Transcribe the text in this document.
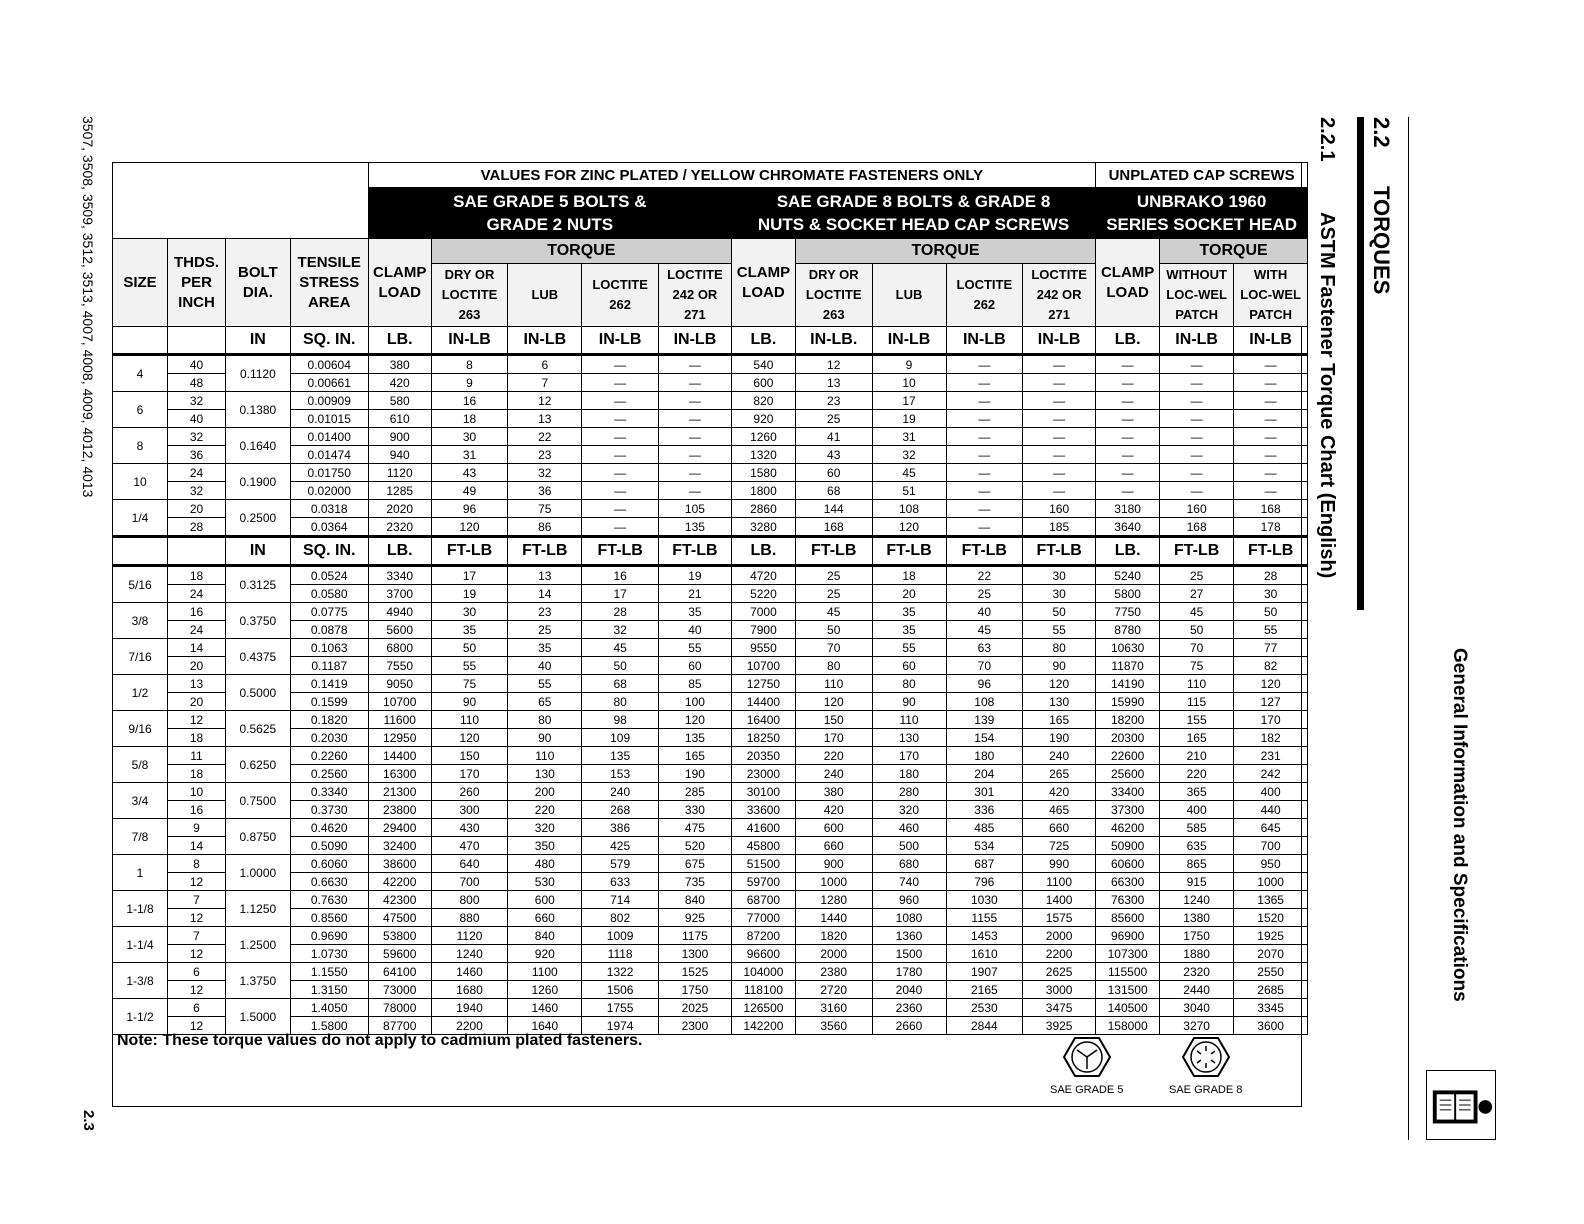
				VALUES FOR ZINC PLATED / YELLOW CHROMATE FASTENERS ONLY										UNPLATED CAP SCREWS		
				SAE GRADE 5 BOLTS & GRADE 2 NUTS					SAE GRADE 8 BOLTS & GRADE 8 NUTS & SOCKET HEAD CAP SCREWS					UNBRAKO 1960 SERIES SOCKET HEAD		
SIZE	THDS. PER INCH	BOLT DIA.	TENSILE STRESS AREA	CLAMP LOAD	TORQUE				CLAMP LOAD	TORQUE				CLAMP LOAD	TORQUE	
					DRY OR LOCTITE 263	LUB	LOCTITE 262	LOCTITE 242 OR 271		DRY OR LOCTITE 263	LUB	LOCTITE 262	LOCTITE 242 OR 271		WITHOUT LOC-WEL PATCH	WITH LOC-WEL PATCH
		IN	SQ. IN.	LB.	IN-LB	IN-LB	IN-LB	IN-LB	LB.	IN-LB.	IN-LB	IN-LB	IN-LB	LB.	IN-LB	IN-LB
4	40	0.1120	0.00604	380	8	6	—	—	540	12	9	—	—	—	—	—
	48		0.00661	420	9	7	—	—	600	13	10	—	—	—	—	—
6	32	0.1380	0.00909	580	16	12	—	—	820	23	17	—	—	—	—	—
	40		0.01015	610	18	13	—	—	920	25	19	—	—	—	—	—
8	32	0.1640	0.01400	900	30	22	—	—	1260	41	31	—	—	—	—	—
	36		0.01474	940	31	23	—	—	1320	43	32	—	—	—	—	—
10	24	0.1900	0.01750	1120	43	32	—	—	1580	60	45	—	—	—	—	—
	32		0.02000	1285	49	36	—	—	1800	68	51	—	—	—	—	—
1/4	20	0.2500	0.0318	2020	96	75	—	105	2860	144	108	—	160	3180	160	168
	28		0.0364	2320	120	86	—	135	3280	168	120	—	185	3640	168	178
		IN	SQ. IN.	LB.	FT-LB	FT-LB	FT-LB	FT-LB	LB.	FT-LB	FT-LB	FT-LB	FT-LB	LB.	FT-LB	FT-LB
5/16	18	0.3125	0.0524	3340	17	13	16	19	4720	25	18	22	30	5240	25	28
	24		0.0580	3700	19	14	17	21	5220	25	20	25	30	5800	27	30
3/8	16	0.3750	0.0775	4940	30	23	28	35	7000	45	35	40	50	7750	45	50
	24		0.0878	5600	35	25	32	40	7900	50	35	45	55	8780	50	55
7/16	14	0.4375	0.1063	6800	50	35	45	55	9550	70	55	63	80	10630	70	77
	20		0.1187	7550	55	40	50	60	10700	80	60	70	90	11870	75	82
1/2	13	0.5000	0.1419	9050	75	55	68	85	12750	110	80	96	120	14190	110	120
	20		0.1599	10700	90	65	80	100	14400	120	90	108	130	15990	115	127
9/16	12	0.5625	0.1820	11600	110	80	98	120	16400	150	110	139	165	18200	155	170
	18		0.2030	12950	120	90	109	135	18250	170	130	154	190	20300	165	182
5/8	11	0.6250	0.2260	14400	150	110	135	165	20350	220	170	180	240	22600	210	231
	18		0.2560	16300	170	130	153	190	23000	240	180	204	265	25600	220	242
3/4	10	0.7500	0.3340	21300	260	200	240	285	30100	380	280	301	420	33400	365	400
	16		0.3730	23800	300	220	268	330	33600	420	320	336	465	37300	400	440
7/8	9	0.8750	0.4620	29400	430	320	386	475	41600	600	460	485	660	46200	585	645
	14		0.5090	32400	470	350	425	520	45800	660	500	534	725	50900	635	700
1	8	1.0000	0.6060	38600	640	480	579	675	51500	900	680	687	990	60600	865	950
	12		0.6630	42200	700	530	633	735	59700	1000	740	796	1100	66300	915	1000
1-1/8	7	1.1250	0.7630	42300	800	600	714	840	68700	1280	960	1030	1400	76300	1240	1365
	12		0.8560	47500	880	660	802	925	77000	1440	1080	1155	1575	85600	1380	1520
1-1/4	7	1.2500	0.9690	53800	1120	840	1009	1175	87200	1820	1360	1453	2000	96900	1750	1925
	12		1.0730	59600	1240	920	1118	1300	96600	2000	1500	1610	2200	107300	1880	2070
1-3/8	6	1.3750	1.1550	64100	1460	1100	1322	1525	104000	2380	1780	1907	2625	115500	2320	2550
	12		1.3150	73000	1680	1260	1506	1750	118100	2720	2040	2165	3000	131500	2440	2685
1-1/2	6	1.5000	1.4050	78000	1940	1460	1755	2025	126500	3160	2360	2530	3475	140500	3040	3345
	12		1.5800	87700	2200	1640	1974	2300	142200	3560	2660	2844	3925	158000	3270	3600
Note: These torque values do not apply to cadmium plated fasteners.
SAE GRADE 5	SAE GRADE 8
2.2
TORQUES
2.2.1
ASTM Fastener Torque Chart (English)
General Information and Specifications
3507, 3508, 3509, 3512, 3513, 4007, 4008, 4009, 4012, 4013
2.3
